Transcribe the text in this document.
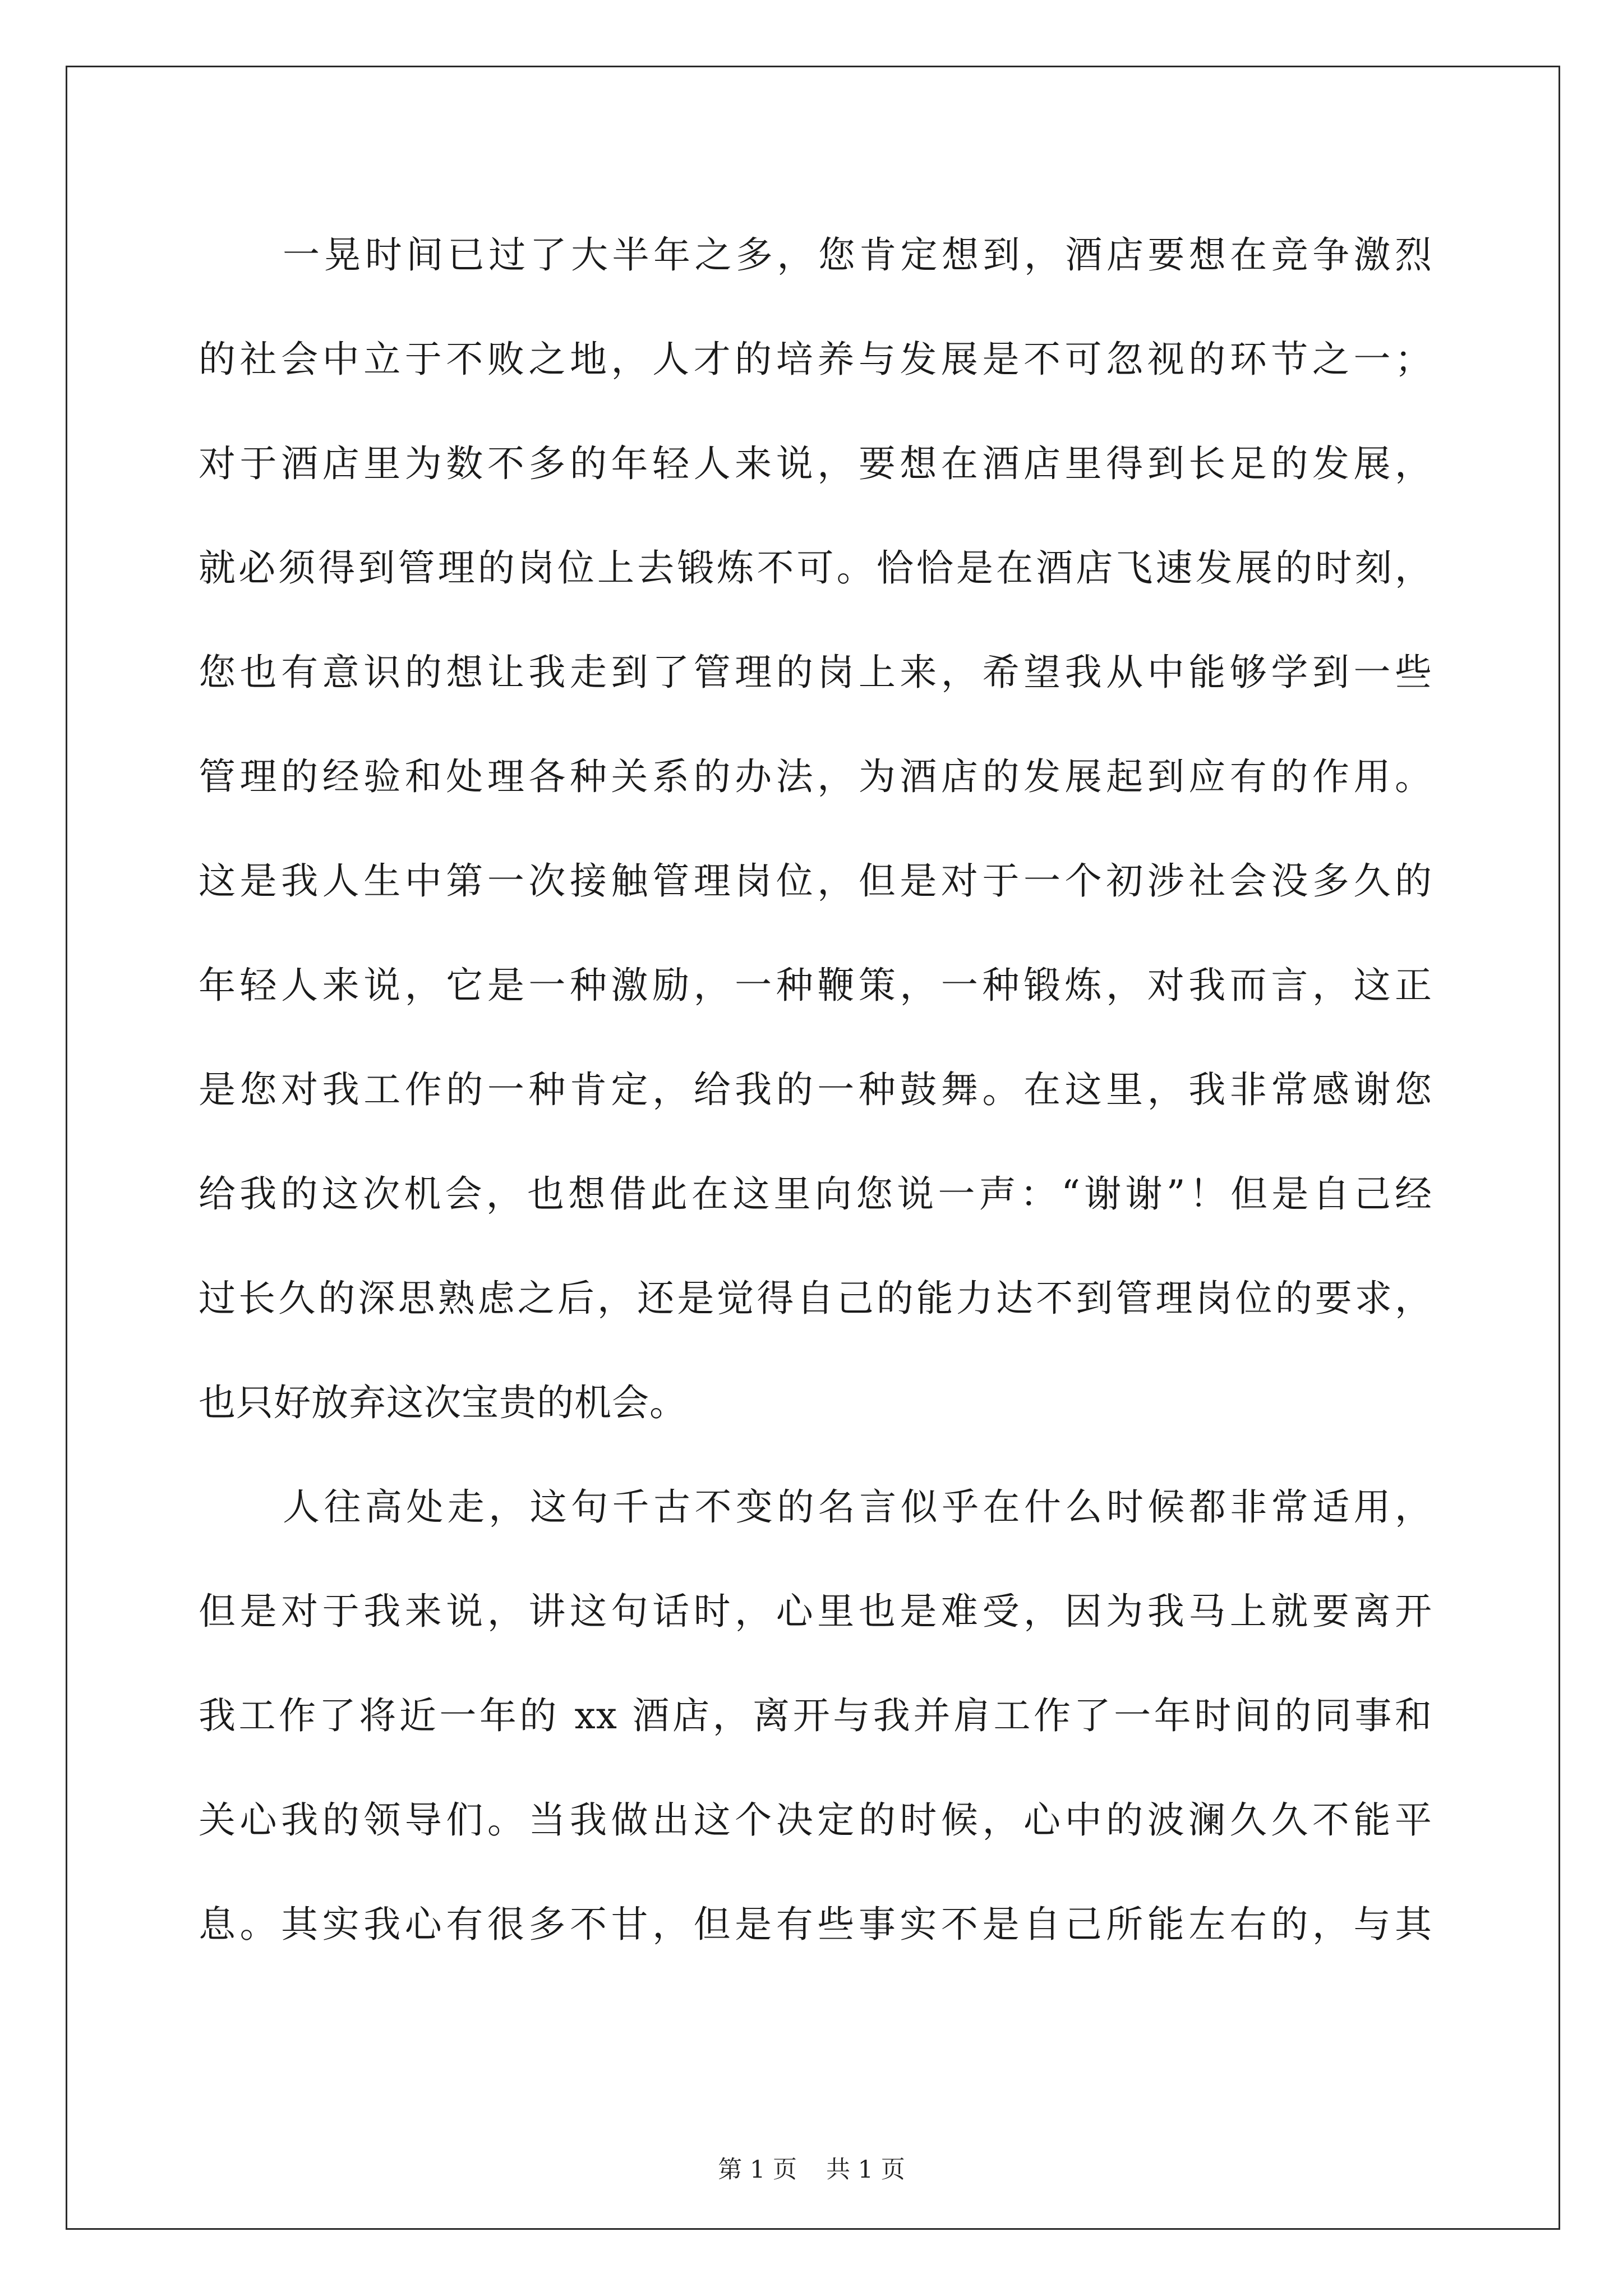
一晃时间已过了大半年之多，您肯定想到，酒店要想在竞争激烈
的社会中立于不败之地，人才的培养与发展是不可忽视的环节之一；
对于酒店里为数不多的年轻人来说，要想在酒店里得到长足的发展，
就必须得到管理的岗位上去锻炼不可。恰恰是在酒店飞速发展的时刻，
您也有意识的想让我走到了管理的岗上来，希望我从中能够学到一些
管理的经验和处理各种关系的办法，为酒店的发展起到应有的作用。
这是我人生中第一次接触管理岗位，但是对于一个初涉社会没多久的
年轻人来说，它是一种激励，一种鞭策，一种锻炼，对我而言，这正
是您对我工作的一种肯定，给我的一种鼓舞。在这里，我非常感谢您
给我的这次机会，也想借此在这里向您说一声：“谢谢”！但是自己经
过长久的深思熟虑之后，还是觉得自己的能力达不到管理岗位的要求，
也只好放弃这次宝贵的机会。
人往高处走，这句千古不变的名言似乎在什么时候都非常适用，
但是对于我来说，讲这句话时，心里也是难受，因为我马上就要离开
我工作了将近一年的 xx 酒店，离开与我并肩工作了一年时间的同事和
关心我的领导们。当我做出这个决定的时候，心中的波澜久久不能平
息。其实我心有很多不甘，但是有些事实不是自己所能左右的，与其
第 1 页 共 1 页
